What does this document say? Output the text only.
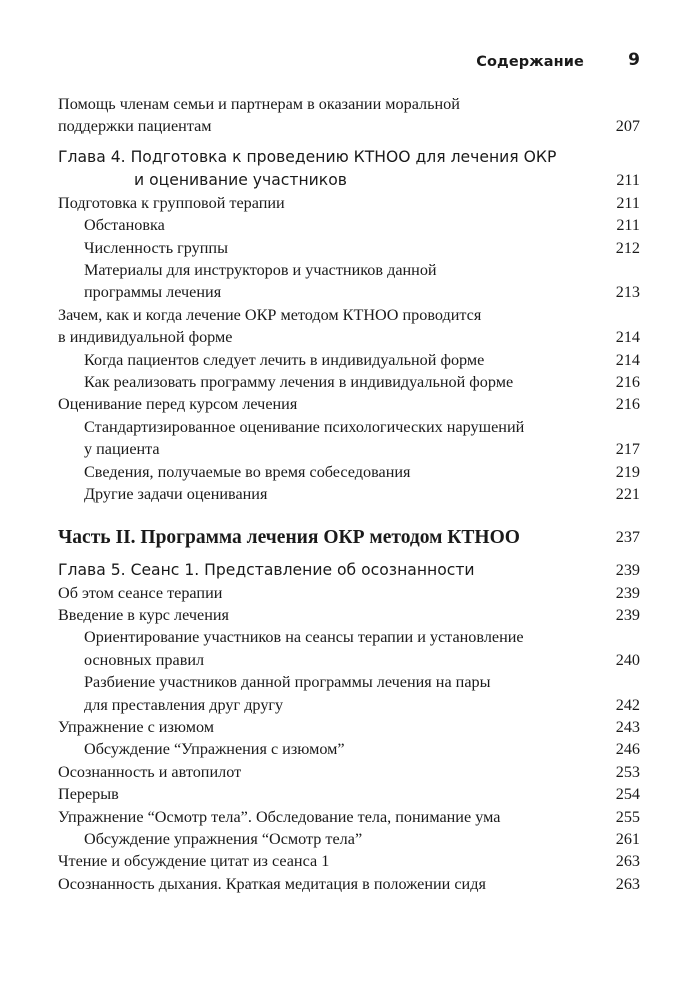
Содержание	9
Помощь членам семьи и партнерам в оказании моральной
поддержки пациентам	207
Глава 4. Подготовка к проведению КТНОО для лечения ОКР
и оценивание участников	211
Подготовка к групповой терапии	211
Обстановка	211
Численность группы	212
Материалы для инструкторов и участников данной
программы лечения	213
Зачем, как и когда лечение ОКР методом КТНОО проводится
в индивидуальной форме	214
Когда пациентов следует лечить в индивидуальной форме	214
Как реализовать программу лечения в индивидуальной форме	216
Оценивание перед курсом лечения	216
Стандартизированное оценивание психологических нарушений
у пациента	217
Сведения, получаемые во время собеседования	219
Другие задачи оценивания	221
Часть II. Программа лечения ОКР методом КТНОО	237
Глава 5. Сеанс 1. Представление об осознанности	239
Об этом сеансе терапии	239
Введение в курс лечения	239
Ориентирование участников на сеансы терапии и установление
основных правил	240
Разбиение участников данной программы лечения на пары
для преставления друг другу	242
Упражнение с изюмом	243
Обсуждение “Упражнения с изюмом”	246
Осознанность и автопилот	253
Перерыв	254
Упражнение “Осмотр тела”. Обследование тела, понимание ума	255
Обсуждение упражнения “Осмотр тела”	261
Чтение и обсуждение цитат из сеанса 1	263
Осознанность дыхания. Краткая медитация в положении сидя	263
